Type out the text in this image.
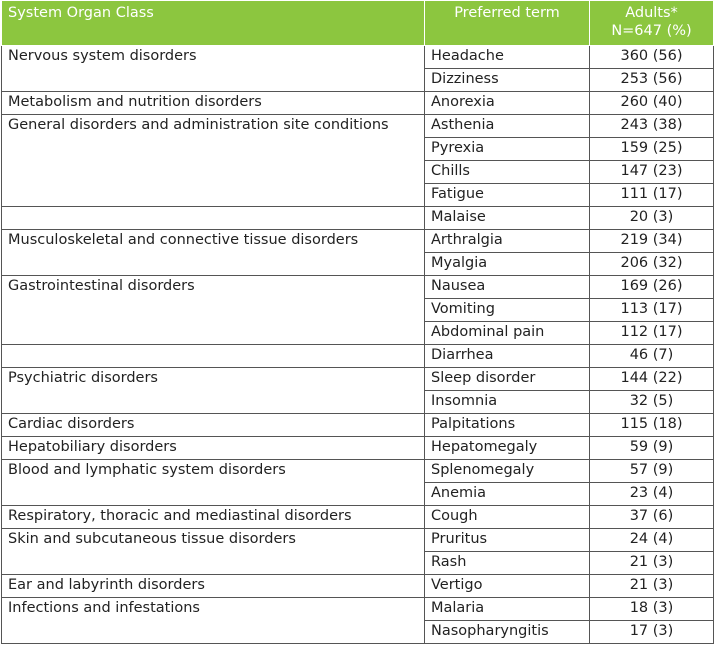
System Organ Class	Preferred term	Adults*
N=647 (%)

Nervous system disorders	Headache	360 (56)
	Dizziness	253 (56)
Metabolism and nutrition disorders	Anorexia	260 (40)
General disorders and administration site conditions	Asthenia	243 (38)
	Pyrexia	159 (25)
	Chills	147 (23)
	Fatigue	111 (17)
	Malaise	20 (3)
Musculoskeletal and connective tissue disorders	Arthralgia	219 (34)
	Myalgia	206 (32)
Gastrointestinal disorders	Nausea	169 (26)
	Vomiting	113 (17)
	Abdominal pain	112 (17)
	Diarrhea	46 (7)
Psychiatric disorders	Sleep disorder	144 (22)
	Insomnia	32 (5)
Cardiac disorders	Palpitations	115 (18)
Hepatobiliary disorders	Hepatomegaly	59 (9)
Blood and lymphatic system disorders	Splenomegaly	57 (9)
	Anemia	23 (4)
Respiratory, thoracic and mediastinal disorders	Cough	37 (6)
Skin and subcutaneous tissue disorders	Pruritus	24 (4)
	Rash	21 (3)
Ear and labyrinth disorders	Vertigo	21 (3)
Infections and infestations	Malaria	18 (3)
	Nasopharyngitis	17 (3)
